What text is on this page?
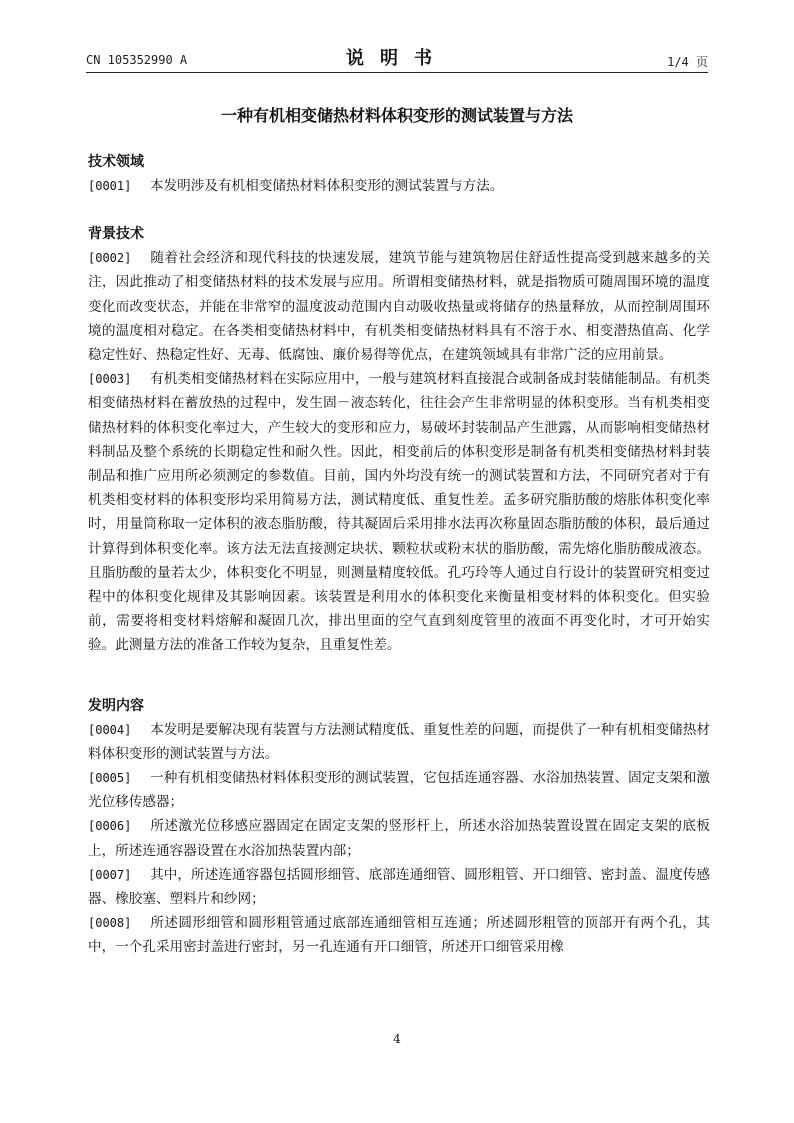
CN 105352990 A	说明书	1/4 页
一种有机相变储热材料体积变形的测试装置与方法
技术领域

[0001] 本发明涉及有机相变储热材料体积变形的测试装置与方法。

背景技术

[0002] 随着社会经济和现代科技的快速发展，建筑节能与建筑物居住舒适性提高受到越来越多的关注，因此推动了相变储热材料的技术发展与应用。所谓相变储热材料，就是指物质可随周围环境的温度变化而改变状态，并能在非常窄的温度波动范围内自动吸收热量或将储存的热量释放，从而控制周围环境的温度相对稳定。在各类相变储热材料中，有机类相变储热材料具有不溶于水、相变潜热值高、化学稳定性好、热稳定性好、无毒、低腐蚀、廉价易得等优点，在建筑领域具有非常广泛的应用前景。

[0003] 有机类相变储热材料在实际应用中，一般与建筑材料直接混合或制备成封装储能制品。有机类相变储热材料在蓄放热的过程中，发生固－液态转化，往往会产生非常明显的体积变形。当有机类相变储热材料的体积变化率过大，产生较大的变形和应力，易破坏封装制品产生泄露，从而影响相变储热材料制品及整个系统的长期稳定性和耐久性。因此，相变前后的体积变形是制备有机类相变储热材料封装制品和推广应用所必须测定的参数值。目前，国内外均没有统一的测试装置和方法，不同研究者对于有机类相变材料的体积变形均采用简易方法，测试精度低、重复性差。孟多研究脂肪酸的熔胀体积变化率时，用量筒称取一定体积的液态脂肪酸，待其凝固后采用排水法再次称量固态脂肪酸的体积，最后通过计算得到体积变化率。该方法无法直接测定块状、颗粒状或粉末状的脂肪酸，需先熔化脂肪酸成液态。且脂肪酸的量若太少，体积变化不明显，则测量精度较低。孔巧玲等人通过自行设计的装置研究相变过程中的体积变化规律及其影响因素。该装置是利用水的体积变化来衡量相变材料的体积变化。但实验前，需要将相变材料熔解和凝固几次，排出里面的空气直到刻度管里的液面不再变化时，才可开始实验。此测量方法的准备工作较为复杂，且重复性差。

发明内容

[0004] 本发明是要解决现有装置与方法测试精度低、重复性差的问题，而提供了一种有机相变储热材料体积变形的测试装置与方法。

[0005] 一种有机相变储热材料体积变形的测试装置，它包括连通容器、水浴加热装置、固定支架和激光位移传感器；

[0006] 所述激光位移感应器固定在固定支架的竖形杆上，所述水浴加热装置设置在固定支架的底板上，所述连通容器设置在水浴加热装置内部；

[0007] 其中，所述连通容器包括圆形细管、底部连通细管、圆形粗管、开口细管、密封盖、温度传感器、橡胶塞、塑料片和纱网；

[0008] 所述圆形细管和圆形粗管通过底部连通细管相互连通；所述圆形粗管的顶部开有两个孔，其中，一个孔采用密封盖进行密封，另一孔连通有开口细管，所述开口细管采用橡

4
